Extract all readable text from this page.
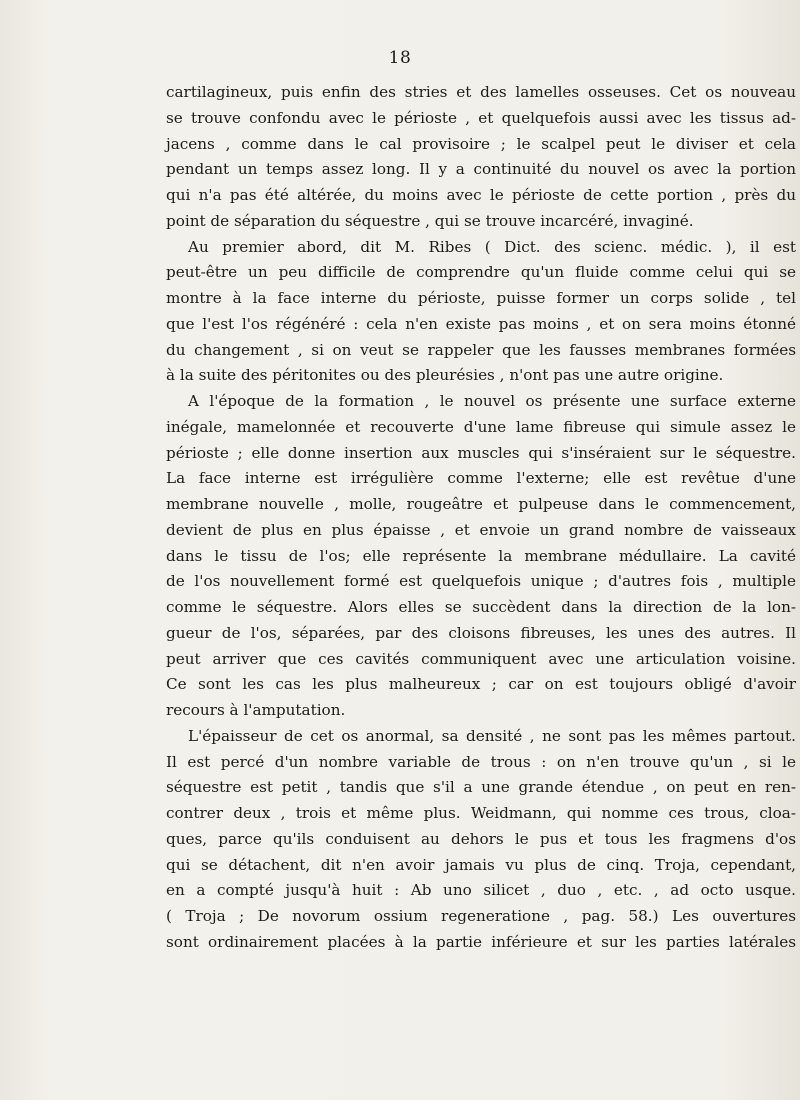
18
cartilagineux, puis enfin des stries et des lamelles osseuses. Cet os nouveau
se trouve confondu avec le périoste , et quelquefois aussi avec les tissus ad-
jacens , comme dans le cal provisoire ; le scalpel peut le diviser et cela
pendant un temps assez long. Il y a continuité du nouvel os avec la portion
qui n'a pas été altérée, du moins avec le périoste de cette portion , près du
point de séparation du séquestre , qui se trouve incarcéré, invaginé.
Au premier abord, dit M. Ribes ( Dict. des scienc. médic. ), il est
peut-être un peu difficile de comprendre qu'un fluide comme celui qui se
montre à la face interne du périoste, puisse former un corps solide , tel
que l'est l'os régénéré : cela n'en existe pas moins , et on sera moins étonné
du changement , si on veut se rappeler que les fausses membranes formées
à la suite des péritonites ou des pleurésies , n'ont pas une autre origine.
A l'époque de la formation , le nouvel os présente une surface externe
inégale, mamelonnée et recouverte d'une lame fibreuse qui simule assez le
périoste ; elle donne insertion aux muscles qui s'inséraient sur le séquestre.
La face interne est irrégulière comme l'externe; elle est revêtue d'une
membrane nouvelle , molle, rougeâtre et pulpeuse dans le commencement,
devient de plus en plus épaisse , et envoie un grand nombre de vaisseaux
dans le tissu de l'os; elle représente la membrane médullaire. La cavité
de l'os nouvellement formé est quelquefois unique ; d'autres fois , multiple
comme le séquestre. Alors elles se succèdent dans la direction de la lon-
gueur de l'os, séparées, par des cloisons fibreuses, les unes des autres. Il
peut arriver que ces cavités communiquent avec une articulation voisine.
Ce sont les cas les plus malheureux ; car on est toujours obligé d'avoir
recours à l'amputation.
L'épaisseur de cet os anormal, sa densité , ne sont pas les mêmes partout.
Il est percé d'un nombre variable de trous : on n'en trouve qu'un , si le
séquestre est petit , tandis que s'il a une grande étendue , on peut en ren-
contrer deux , trois et même plus. Weidmann, qui nomme ces trous, cloa-
ques, parce qu'ils conduisent au dehors le pus et tous les fragmens d'os
qui se détachent, dit n'en avoir jamais vu plus de cinq. Troja, cependant,
en a compté jusqu'à huit : Ab uno silicet , duo , etc. , ad octo usque.
( Troja ; De novorum ossium regeneratione , pag. 58.) Les ouvertures
sont ordinairement placées à la partie inférieure et sur les parties latérales
